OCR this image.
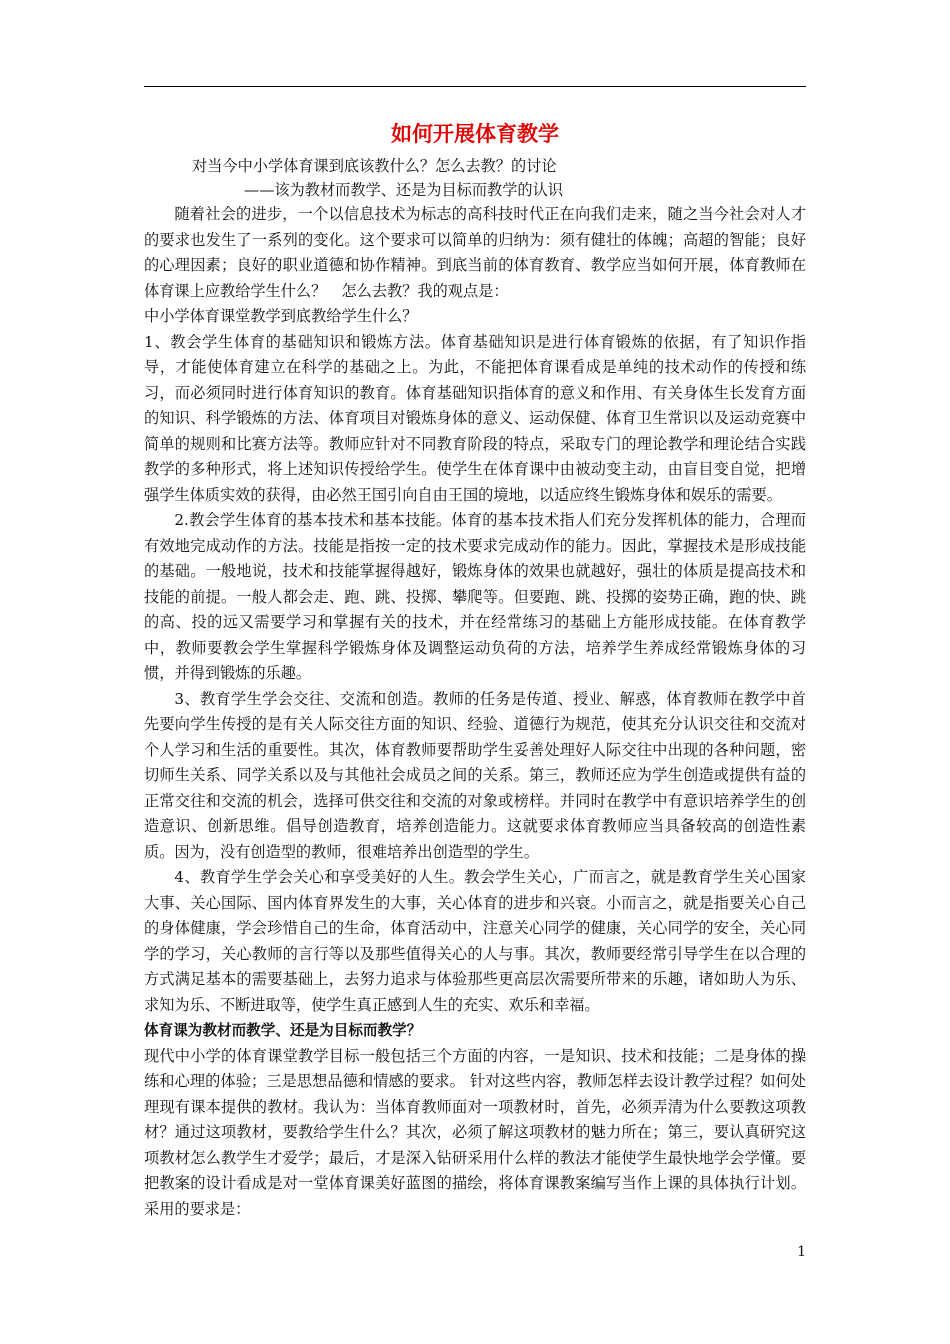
如何开展体育教学
对当今中小学体育课到底该教什么？怎么去教？的讨论
——该为教材而教学、还是为目标而教学的认识

随着社会的进步，一个以信息技术为标志的高科技时代正在向我们走来，随之当今社会对人才的要求也发生了一系列的变化。这个要求可以简单的归纳为：须有健壮的体魄；高超的智能；良好的心理因素；良好的职业道德和协作精神。到底当前的体育教育、教学应当如何开展，体育教师在体育课上应教给学生什么？　怎么去教？我的观点是：

中小学体育课堂教学到底教给学生什么？

1、教会学生体育的基础知识和锻炼方法。体育基础知识是进行体育锻炼的依据，有了知识作指导，才能使体育建立在科学的基础之上。为此，不能把体育课看成是单纯的技术动作的传授和练习，而必须同时进行体育知识的教育。体育基础知识指体育的意义和作用、有关身体生长发育方面的知识、科学锻炼的方法、体育项目对锻炼身体的意义、运动保健、体育卫生常识以及运动竞赛中简单的规则和比赛方法等。教师应针对不同教育阶段的特点，采取专门的理论教学和理论结合实践教学的多种形式，将上述知识传授给学生。使学生在体育课中由被动变主动，由盲目变自觉，把增强学生体质实效的获得，由必然王国引向自由王国的境地，以适应终生锻炼身体和娱乐的需要。

2.教会学生体育的基本技术和基本技能。体育的基本技术指人们充分发挥机体的能力，合理而有效地完成动作的方法。技能是指按一定的技术要求完成动作的能力。因此，掌握技术是形成技能的基础。一般地说，技术和技能掌握得越好，锻炼身体的效果也就越好，强壮的体质是提高技术和技能的前提。一般人都会走、跑、跳、投掷、攀爬等。但要跑、跳、投掷的姿势正确，跑的快、跳的高、投的远又需要学习和掌握有关的技术，并在经常练习的基础上方能形成技能。在体育教学中，教师要教会学生掌握科学锻炼身体及调整运动负荷的方法，培养学生养成经常锻炼身体的习惯，并得到锻炼的乐趣。

3、教育学生学会交往、交流和创造。教师的任务是传道、授业、解惑，体育教师在教学中首先要向学生传授的是有关人际交往方面的知识、经验、道德行为规范，使其充分认识交往和交流对个人学习和生活的重要性。其次，体育教师要帮助学生妥善处理好人际交往中出现的各种问题，密切师生关系、同学关系以及与其他社会成员之间的关系。第三，教师还应为学生创造或提供有益的正常交往和交流的机会，选择可供交往和交流的对象或榜样。并同时在教学中有意识培养学生的创造意识、创新思维。倡导创造教育，培养创造能力。这就要求体育教师应当具备较高的创造性素质。因为，没有创造型的教师，很难培养出创造型的学生。

4、教育学生学会关心和享受美好的人生。教会学生关心，广而言之，就是教育学生关心国家大事、关心国际、国内体育界发生的大事，关心体育的进步和兴衰。小而言之，就是指要关心自己的身体健康，学会珍惜自己的生命，体育活动中，注意关心同学的健康，关心同学的安全，关心同学的学习，关心教师的言行等以及那些值得关心的人与事。其次，教师要经常引导学生在以合理的方式满足基本的需要基础上，去努力追求与体验那些更高层次需要所带来的乐趣，诸如助人为乐、求知为乐、不断进取等，使学生真正感到人生的充实、欢乐和幸福。

体育课为教材而教学、还是为目标而教学？

现代中小学的体育课堂教学目标一般包括三个方面的内容，一是知识、技术和技能；二是身体的操练和心理的体验；三是思想品德和情感的要求。 针对这些内容，教师怎样去设计教学过程？如何处理现有课本提供的教材。我认为：当体育教师面对一项教材时，首先，必须弄清为什么要教这项教材？通过这项教材，要教给学生什么？其次，必须了解这项教材的魅力所在；第三，要认真研究这项教材怎么教学生才爱学；最后，才是深入钻研采用什么样的教法才能使学生最快地学会学懂。要把教案的设计看成是对一堂体育课美好蓝图的描绘，将体育课教案编写当作上课的具体执行计划。采用的要求是：

1
